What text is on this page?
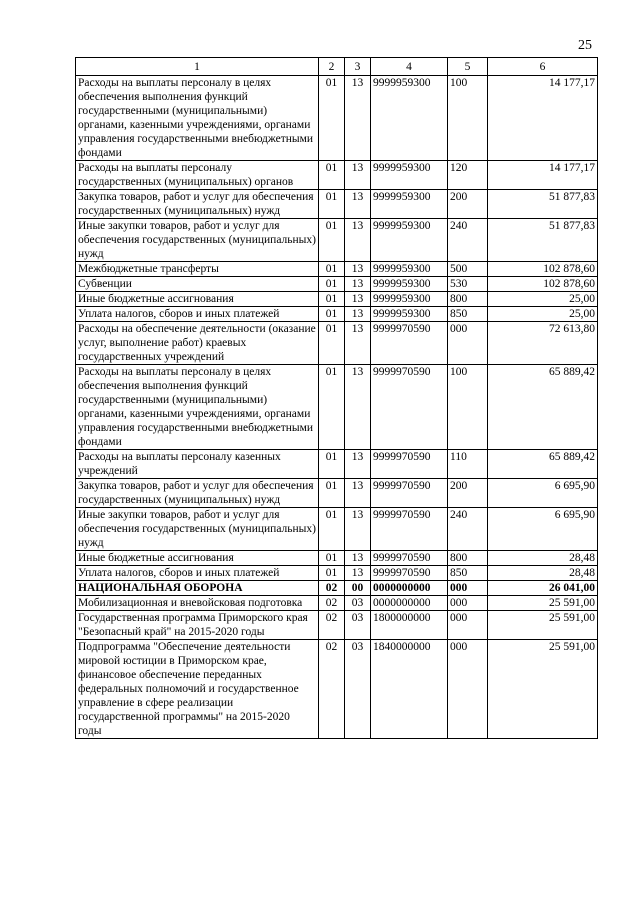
25
1	2	3	4	5	6
Расходы на выплаты персоналу в целях обеспечения выполнения функций государственными (муниципальными) органами, казенными учреждениями, органами управления государственными внебюджетными фондами	01	13	9999959300	100	14 177,17
Расходы на выплаты персоналу государственных (муниципальных) органов	01	13	9999959300	120	14 177,17
Закупка товаров, работ и услуг для обеспечения государственных (муниципальных) нужд	01	13	9999959300	200	51 877,83
Иные закупки товаров, работ и услуг для обеспечения государственных (муниципальных) нужд	01	13	9999959300	240	51 877,83
Межбюджетные трансферты	01	13	9999959300	500	102 878,60
Субвенции	01	13	9999959300	530	102 878,60
Иные бюджетные ассигнования	01	13	9999959300	800	25,00
Уплата налогов, сборов и иных платежей	01	13	9999959300	850	25,00
Расходы на обеспечение деятельности (оказание услуг, выполнение работ) краевых государственных учреждений	01	13	9999970590	000	72 613,80
Расходы на выплаты персоналу в целях обеспечения выполнения функций государственными (муниципальными) органами, казенными учреждениями, органами управления государственными внебюджетными фондами	01	13	9999970590	100	65 889,42
Расходы на выплаты персоналу казенных учреждений	01	13	9999970590	110	65 889,42
Закупка товаров, работ и услуг для обеспечения государственных (муниципальных) нужд	01	13	9999970590	200	6 695,90
Иные закупки товаров, работ и услуг для обеспечения государственных (муниципальных) нужд	01	13	9999970590	240	6 695,90
Иные бюджетные ассигнования	01	13	9999970590	800	28,48
Уплата налогов, сборов и иных платежей	01	13	9999970590	850	28,48
НАЦИОНАЛЬНАЯ ОБОРОНА	02	00	0000000000	000	26 041,00
Мобилизационная и вневойсковая подготовка	02	03	0000000000	000	25 591,00
Государственная программа Приморского края "Безопасный край" на 2015-2020 годы	02	03	1800000000	000	25 591,00
Подпрограмма "Обеспечение деятельности мировой юстиции в Приморском крае, финансовое обеспечение переданных федеральных полномочий и государственное управление в сфере реализации государственной программы" на 2015-2020 годы	02	03	1840000000	000	25 591,00
